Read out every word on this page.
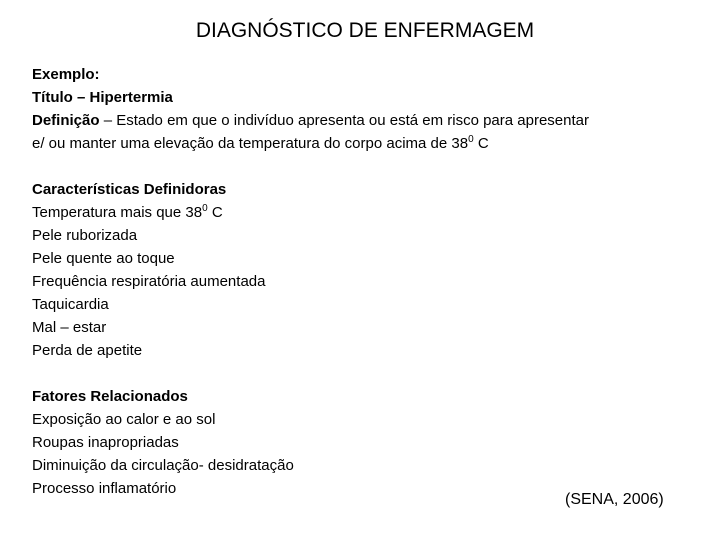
DIAGNÓSTICO DE ENFERMAGEM
Exemplo:
Título – Hipertermia
Definição – Estado em que o indivíduo apresenta ou está em risco para apresentar
e/ ou manter uma elevação da temperatura do corpo acima de $38^0$ C
Características Definidoras
Temperatura mais que $38^0$ C
Pele ruborizada
Pele quente ao toque
Frequência respiratória aumentada
Taquicardia
Mal – estar
Perda de apetite
Fatores Relacionados
Exposição ao calor e ao sol
Roupas inapropriadas
Diminuição da circulação- desidratação
Processo inflamatório
(SENA, 2006)
